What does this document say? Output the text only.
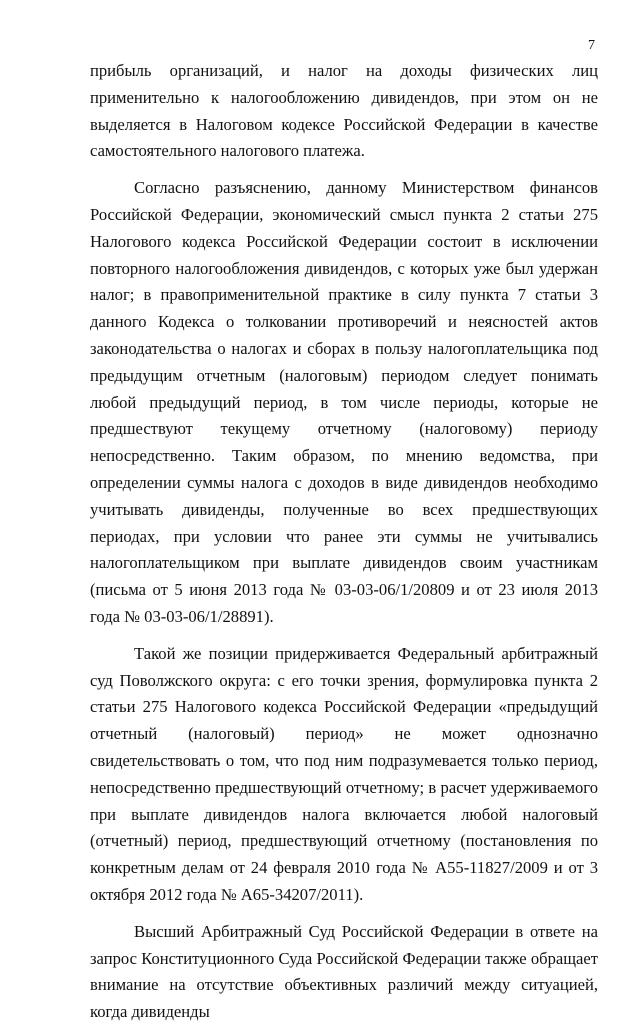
7

прибыль организаций, и налог на доходы физических лиц применительно к налогообложению дивидендов, при этом он не выделяется в Налоговом кодексе Российской Федерации в качестве самостоятельного налогового платежа.

Согласно разъяснению, данному Министерством финансов Российской Федерации, экономический смысл пункта 2 статьи 275 Налогового кодекса Российской Федерации состоит в исключении повторного налогообложения дивидендов, с которых уже был удержан налог; в правоприменительной практике в силу пункта 7 статьи 3 данного Кодекса о толковании противоречий и неясностей актов законодательства о налогах и сборах в пользу налогоплательщика под предыдущим отчетным (налоговым) периодом следует понимать любой предыдущий период, в том числе периоды, которые не предшествуют текущему отчетному (налоговому) периоду непосредственно. Таким образом, по мнению ведомства, при определении суммы налога с доходов в виде дивидендов необходимо учитывать дивиденды, полученные во всех предшествующих периодах, при условии что ранее эти суммы не учитывались налогоплательщиком при выплате дивидендов своим участникам (письма от 5 июня 2013 года № 03-03-06/1/20809 и от 23 июля 2013 года № 03-03-06/1/28891).

Такой же позиции придерживается Федеральный арбитражный суд Поволжского округа: с его точки зрения, формулировка пункта 2 статьи 275 Налогового кодекса Российской Федерации «предыдущий отчетный (налоговый) период» не может однозначно свидетельствовать о том, что под ним подразумевается только период, непосредственно предшествующий отчетному; в расчет удерживаемого при выплате дивидендов налога включается любой налоговый (отчетный) период, предшествующий отчетному (постановления по конкретным делам от 24 февраля 2010 года № А55-11827/2009 и от 3 октября 2012 года № А65-34207/2011).

Высший Арбитражный Суд Российской Федерации в ответе на запрос Конституционного Суда Российской Федерации также обращает внимание на отсутствие объективных различий между ситуацией, когда дивиденды
